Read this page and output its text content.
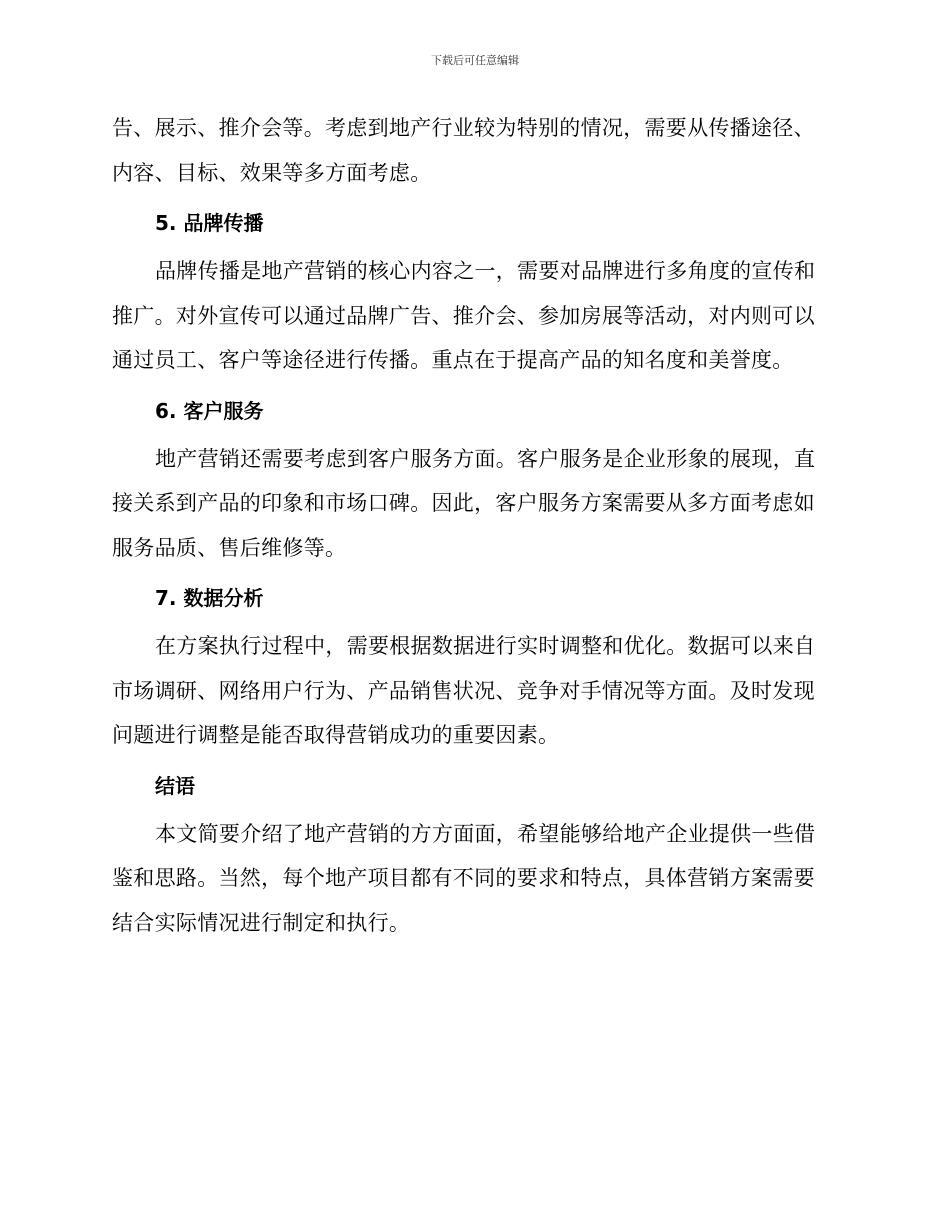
下载后可任意编辑

告、展示、推介会等。考虑到地产行业较为特别的情况，需要从传播途径、内容、目标、效果等多方面考虑。

5. 品牌传播

品牌传播是地产营销的核心内容之一，需要对品牌进行多角度的宣传和推广。对外宣传可以通过品牌广告、推介会、参加房展等活动，对内则可以通过员工、客户等途径进行传播。重点在于提高产品的知名度和美誉度。

6. 客户服务

地产营销还需要考虑到客户服务方面。客户服务是企业形象的展现，直接关系到产品的印象和市场口碑。因此，客户服务方案需要从多方面考虑如服务品质、售后维修等。

7. 数据分析

在方案执行过程中，需要根据数据进行实时调整和优化。数据可以来自市场调研、网络用户行为、产品销售状况、竞争对手情况等方面。及时发现问题进行调整是能否取得营销成功的重要因素。

结语

本文简要介绍了地产营销的方方面面，希望能够给地产企业提供一些借鉴和思路。当然，每个地产项目都有不同的要求和特点，具体营销方案需要结合实际情况进行制定和执行。
